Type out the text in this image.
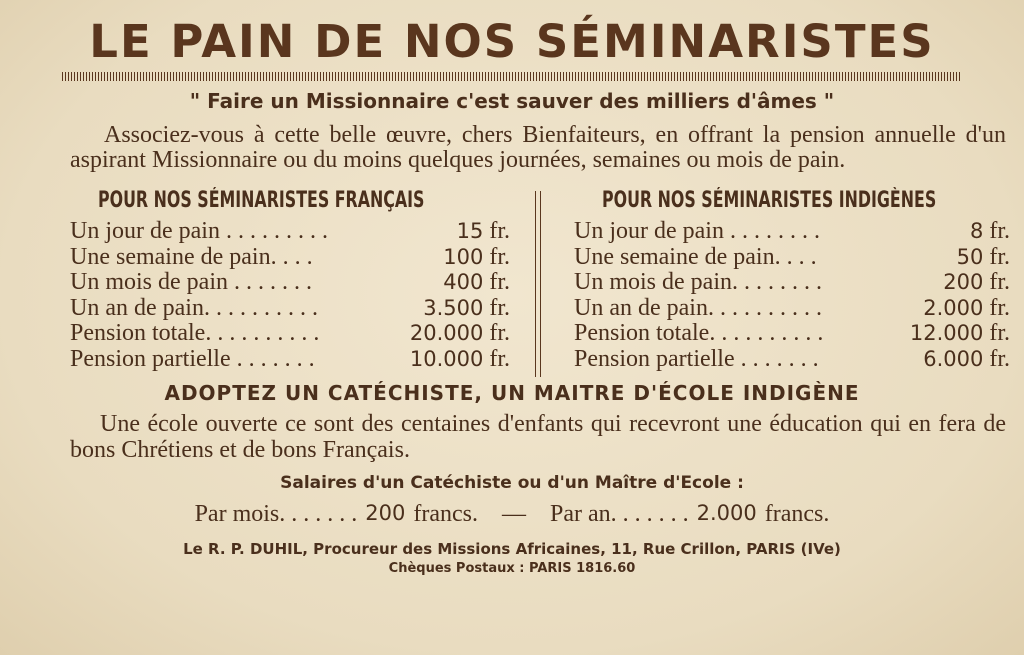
LE PAIN DE NOS SÉMINARISTES
" Faire un Missionnaire c'est sauver des milliers d'âmes "

Associez-vous à cette belle œuvre, chers Bienfaiteurs, en offrant la pension annuelle d'un aspirant Missionnaire ou du moins quelques journées, semaines ou mois de pain.

POUR NOS SÉMINARISTES FRANÇAIS
Un jour de pain . . . . . . . . .	15 fr.
Une semaine de pain. . . .	100 fr.
Un mois de pain . . . . . . .	400 fr.
Un an de pain. . . . . . . . . .	3.500 fr.
Pension totale. . . . . . . . . .	20.000 fr.
Pension partielle . . . . . . .	10.000 fr.
POUR NOS SÉMINARISTES INDIGÈNES
Un jour de pain . . . . . . . .	8 fr.
Une semaine de pain. . . .	50 fr.
Un mois de pain. . . . . . . .	200 fr.
Un an de pain. . . . . . . . . .	2.000 fr.
Pension totale. . . . . . . . . .	12.000 fr.
Pension partielle . . . . . . .	6.000 fr.
ADOPTEZ UN CATÉCHISTE, UN MAITRE D'ÉCOLE INDIGÈNE

Une école ouverte ce sont des centaines d'enfants qui recevront une éducation qui en fera de bons Chrétiens et de bons Français.

Salaires d'un Catéchiste ou d'un Maître d'Ecole :
Par mois. . . . . . . 200 francs. — Par an. . . . . . . 2.000 francs.
Le R. P. DUHIL, Procureur des Missions Africaines, 11, Rue Crillon, PARIS (IVe)
Chèques Postaux : PARIS 1816.60
